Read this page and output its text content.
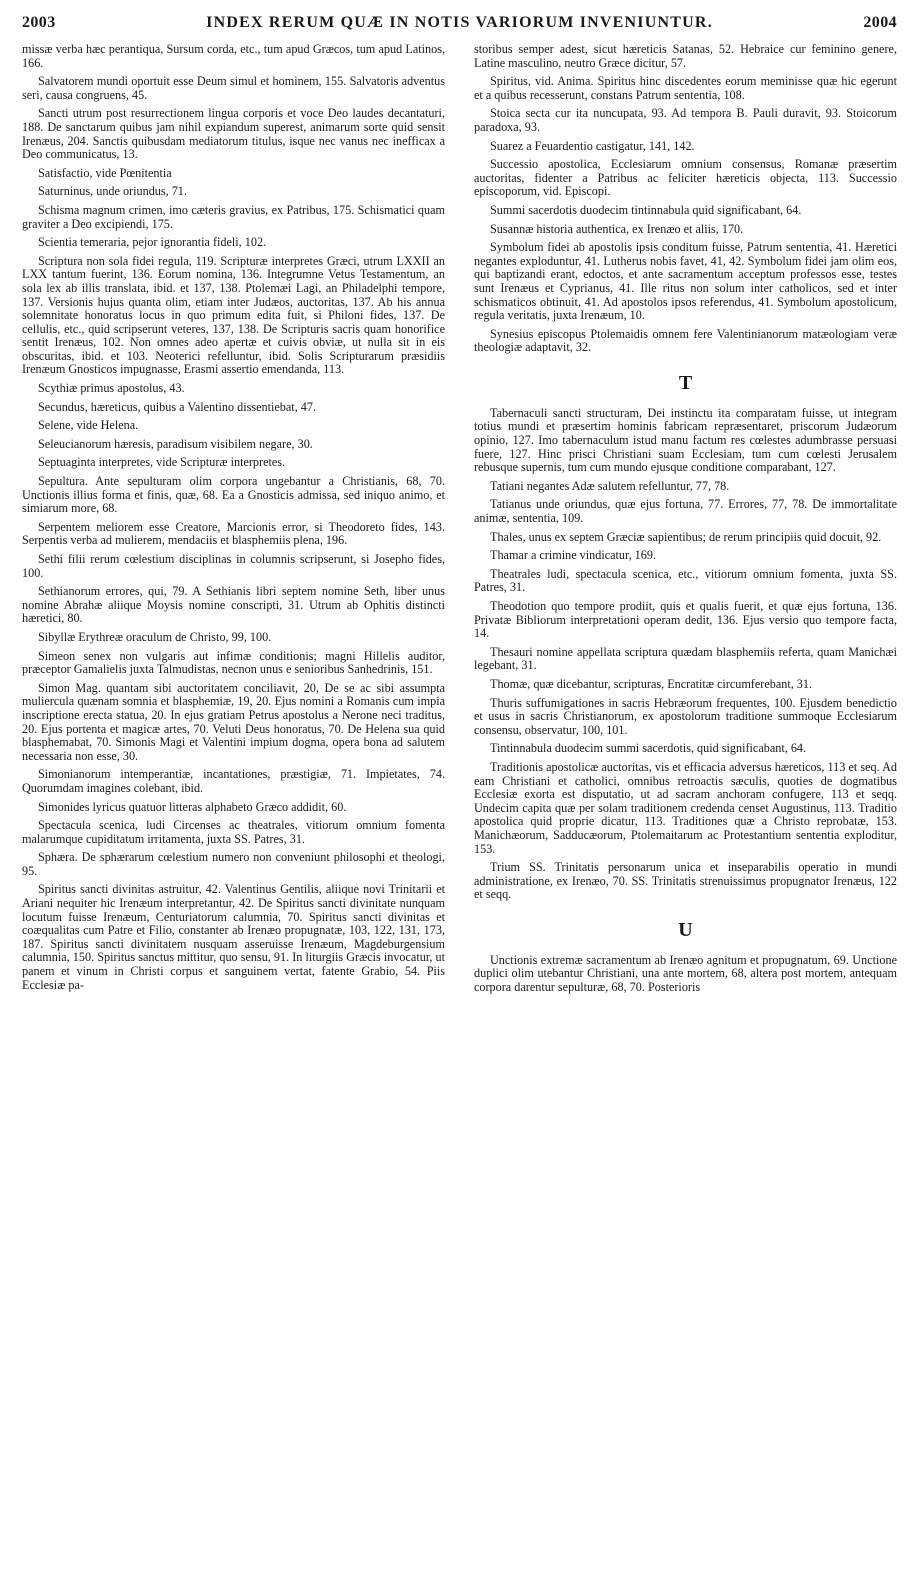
2003	INDEX RERUM QUÆ IN NOTIS VARIORUM INVENIUNTUR.	2004

missæ verba hæc perantiqua, Sursum corda, etc., tum apud Græcos, tum apud Latinos, 166.

Salvatorem mundi oportuit esse Deum simul et hominem, 155. Salvatoris adventus seri, causa congruens, 45.

Sancti utrum post resurrectionem lingua corporis et voce Deo laudes decantaturi, 188. De sanctarum quibus jam nihil expiandum superest, animarum sorte quid sensit Irenæus, 204. Sanctis quibusdam mediatorum titulus, isque nec vanus nec inefficax a Deo communicatus, 13.

Satisfactio, vide Pœnitentia

Saturninus, unde oriundus, 71.

Schisma magnum crimen, imo cæteris gravius, ex Patribus, 175. Schismatici quam graviter a Deo excipiendi, 175.

Scientia temeraria, pejor ignorantia fideli, 102.

Scriptura non sola fidei regula, 119. Scripturæ interpretes Græci, utrum LXXII an LXX tantum fuerint, 136. Eorum nomina, 136. Integrumne Vetus Testamentum, an sola lex ab illis translata, ibid. et 137, 138. Ptolemæi Lagi, an Philadelphi tempore, 137. Versionis hujus quanta olim, etiam inter Judæos, auctoritas, 137. Ab his annua solemnitate honoratus locus in quo primum edita fuit, si Philoni fides, 137. De cellulis, etc., quid scripserunt veteres, 137, 138. De Scripturis sacris quam honorifice sentit Irenæus, 102. Non omnes adeo apertæ et cuivis obviæ, ut nulla sit in eis obscuritas, ibid. et 103. Neoterici refelluntur, ibid. Solis Scripturarum præsidiis Irenæum Gnosticos impugnasse, Erasmi assertio emendanda, 113.

Scythiæ primus apostolus, 43.

Secundus, hæreticus, quibus a Valentino dissentiebat, 47.

Selene, vide Helena.

Seleucianorum hæresis, paradisum visibilem negare, 30.

Septuaginta interpretes, vide Scripturæ interpretes.

Sepultura. Ante sepulturam olim corpora ungebantur a Christianis, 68, 70. Unctionis illius forma et finis, quæ, 68. Ea a Gnosticis admissa, sed iniquo animo, et simiarum more, 68.

Serpentem meliorem esse Creatore, Marcionis error, si Theodoreto fides, 143. Serpentis verba ad mulierem, mendaciis et blasphemiis plena, 196.

Sethi filii rerum cœlestium disciplinas in columnis scripserunt, si Josepho fides, 100.

Sethianorum errores, qui, 79. A Sethianis libri septem nomine Seth, liber unus nomine Abrahæ aliique Moysis nomine conscripti, 31. Utrum ab Ophitis distincti hæretici, 80.

Sibyllæ Erythreæ oraculum de Christo, 99, 100.

Simeon senex non vulgaris aut infimæ conditionis; magni Hillelis auditor, præceptor Gamalielis juxta Talmudistas, necnon unus e senioribus Sanhedrinis, 151.

Simon Mag. quantam sibi auctoritatem conciliavit, 20, De se ac sibi assumpta muliercula quænam somnia et blasphemiæ, 19, 20. Ejus nomini a Romanis cum impia inscriptione erecta statua, 20. In ejus gratiam Petrus apostolus a Nerone neci traditus, 20. Ejus portenta et magicæ artes, 70. Veluti Deus honoratus, 70. De Helena sua quid blasphemabat, 70. Simonis Magi et Valentini impium dogma, opera bona ad salutem necessaria non esse, 30.

Simonianorum intemperantiæ, incantationes, præstigiæ, 71. Impietates, 74. Quorumdam imagines colebant, ibid.

Simonides lyricus quatuor litteras alphabeto Græco addidit, 60.

Spectacula scenica, ludi Circenses ac theatrales, vitiorum omnium fomenta malarumque cupiditatum irritamenta, juxta SS. Patres, 31.

Sphæra. De sphærarum cœlestium numero non conveniunt philosophi et theologi, 95.

Spiritus sancti divinitas astruitur, 42. Valentinus Gentilis, aliique novi Trinitarii et Ariani nequiter hic Irenæum interpretantur, 42. De Spiritus sancti divinitate nunquam locutum fuisse Irenæum, Centuriatorum calumnia, 70. Spiritus sancti divinitas et coæqualitas cum Patre et Filio, constanter ab Irenæo propugnatæ, 103, 122, 131, 173, 187. Spiritus sancti divinitatem nusquam asseruisse Irenæum, Magdeburgensium calumnia, 150. Spiritus sanctus mittitur, quo sensu, 91. In liturgiis Græcis invocatur, ut panem et vinum in Christi corpus et sanguinem vertat, fatente Grabio, 54. Piis Ecclesiæ pa-

storibus semper adest, sicut hæreticis Satanas, 52. Hebraice cur feminino genere, Latine masculino, neutro Græce dicitur, 57.

Spiritus, vid. Anima. Spiritus hinc discedentes eorum meminisse quæ hic egerunt et a quibus recesserunt, constans Patrum sententia, 108.

Stoica secta cur ita nuncupata, 93. Ad tempora B. Pauli duravit, 93. Stoicorum paradoxa, 93.

Suarez a Feuardentio castigatur, 141, 142.

Successio apostolica, Ecclesiarum omnium consensus, Romanæ præsertim auctoritas, fidenter a Patribus ac feliciter hæreticis objecta, 113. Successio episcoporum, vid. Episcopi.

Summi sacerdotis duodecim tintinnabula quid significabant, 64.

Susannæ historia authentica, ex Irenæo et aliis, 170.

Symbolum fidei ab apostolis ipsis conditum fuisse, Patrum sententia, 41. Hæretici negantes exploduntur, 41. Lutherus nobis favet, 41, 42. Symbolum fidei jam olim eos, qui baptizandi erant, edoctos, et ante sacramentum acceptum professos esse, testes sunt Irenæus et Cyprianus, 41. Ille ritus non solum inter catholicos, sed et inter schismaticos obtinuit, 41. Ad apostolos ipsos referendus, 41. Symbolum apostolicum, regula veritatis, juxta Irenæum, 10.

Synesius episcopus Ptolemaidis omnem fere Valentinianorum matæologiam veræ theologiæ adaptavit, 32.

T

Tabernaculi sancti structuram, Dei instinctu ita comparatam fuisse, ut integram totius mundi et præsertim hominis fabricam repræsentaret, priscorum Judæorum opinio, 127. Imo tabernaculum istud manu factum res cœlestes adumbrasse persuasi fuere, 127. Hinc prisci Christiani suam Ecclesiam, tum cum cœlesti Jerusalem rebusque supernis, tum cum mundo ejusque conditione comparabant, 127.

Tatiani negantes Adæ salutem refelluntur, 77, 78.

Tatianus unde oriundus, quæ ejus fortuna, 77. Errores, 77, 78. De immortalitate animæ, sententia, 109.

Thales, unus ex septem Græciæ sapientibus; de rerum principiis quid docuit, 92.

Thamar a crimine vindicatur, 169.

Theatrales ludi, spectacula scenica, etc., vitiorum omnium fomenta, juxta SS. Patres, 31.

Theodotion quo tempore prodiit, quis et qualis fuerit, et quæ ejus fortuna, 136. Privatæ Bibliorum interpretationi operam dedit, 136. Ejus versio quo tempore facta, 14.

Thesauri nomine appellata scriptura quædam blasphemiis referta, quam Manichæi legebant, 31.

Thomæ, quæ dicebantur, scripturas, Encratitæ circumferebant, 31.

Thuris suffumigationes in sacris Hebræorum frequentes, 100. Ejusdem benedictio et usus in sacris Christianorum, ex apostolorum traditione summoque Ecclesiarum consensu, observatur, 100, 101.

Tintinnabula duodecim summi sacerdotis, quid significabant, 64.

Traditionis apostolicæ auctoritas, vis et efficacia adversus hæreticos, 113 et seq. Ad eam Christiani et catholici, omnibus retroactis sæculis, quoties de dogmatibus Ecclesiæ exorta est disputatio, ut ad sacram anchoram confugere, 113 et seqq. Undecim capita quæ per solam traditionem credenda censet Augustinus, 113. Traditio apostolica quid proprie dicatur, 113. Traditiones quæ a Christo reprobatæ, 153. Manichæorum, Sadducæorum, Ptolemaitarum ac Protestantium sententia exploditur, 153.

Trium SS. Trinitatis personarum unica et inseparabilis operatio in mundi administratione, ex Irenæo, 70. SS. Trinitatis strenuissimus propugnator Irenæus, 122 et seqq.

U

Unctionis extremæ sacramentum ab Irenæo agnitum et propugnatum, 69. Unctione duplici olim utebantur Christiani, una ante mortem, 68, altera post mortem, antequam corpora darentur sepulturæ, 68, 70. Posterioris
